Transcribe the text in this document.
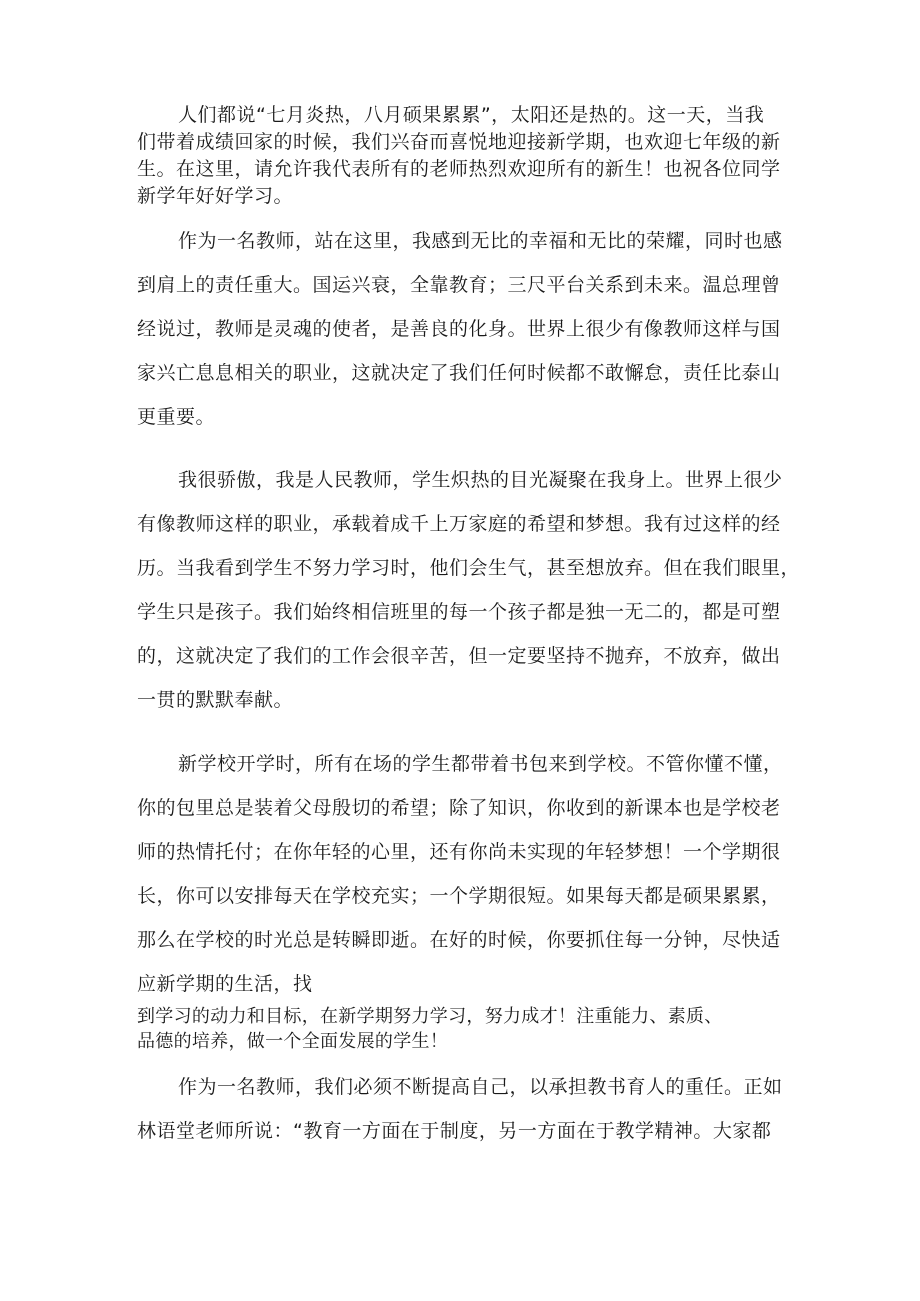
人们都说“七月炎热，八月硕果累累”，太阳还是热的。这一天，当我
们带着成绩回家的时候，我们兴奋而喜悦地迎接新学期，也欢迎七年级的新
生。在这里，请允许我代表所有的老师热烈欢迎所有的新生！也祝各位同学
新学年好好学习。
作为一名教师，站在这里，我感到无比的幸福和无比的荣耀，同时也感
到肩上的责任重大。国运兴衰，全靠教育；三尺平台关系到未来。温总理曾
经说过，教师是灵魂的使者，是善良的化身。世界上很少有像教师这样与国
家兴亡息息相关的职业，这就决定了我们任何时候都不敢懈怠，责任比泰山
更重要。
我很骄傲，我是人民教师，学生炽热的目光凝聚在我身上。世界上很少
有像教师这样的职业，承载着成千上万家庭的希望和梦想。我有过这样的经
历。当我看到学生不努力学习时，他们会生气，甚至想放弃。但在我们眼里，
学生只是孩子。我们始终相信班里的每一个孩子都是独一无二的，都是可塑
的，这就决定了我们的工作会很辛苦，但一定要坚持不抛弃，不放弃，做出
一贯的默默奉献。
新学校开学时，所有在场的学生都带着书包来到学校。不管你懂不懂，
你的包里总是装着父母殷切的希望；除了知识，你收到的新课本也是学校老
师的热情托付；在你年轻的心里，还有你尚未实现的年轻梦想！一个学期很
长，你可以安排每天在学校充实；一个学期很短。如果每天都是硕果累累，
那么在学校的时光总是转瞬即逝。在好的时候，你要抓住每一分钟，尽快适
应新学期的生活，找
到学习的动力和目标，在新学期努力学习，努力成才！注重能力、素质、
品德的培养，做一个全面发展的学生！
作为一名教师，我们必须不断提高自己，以承担教书育人的重任。正如
林语堂老师所说：“教育一方面在于制度，另一方面在于教学精神。大家都
